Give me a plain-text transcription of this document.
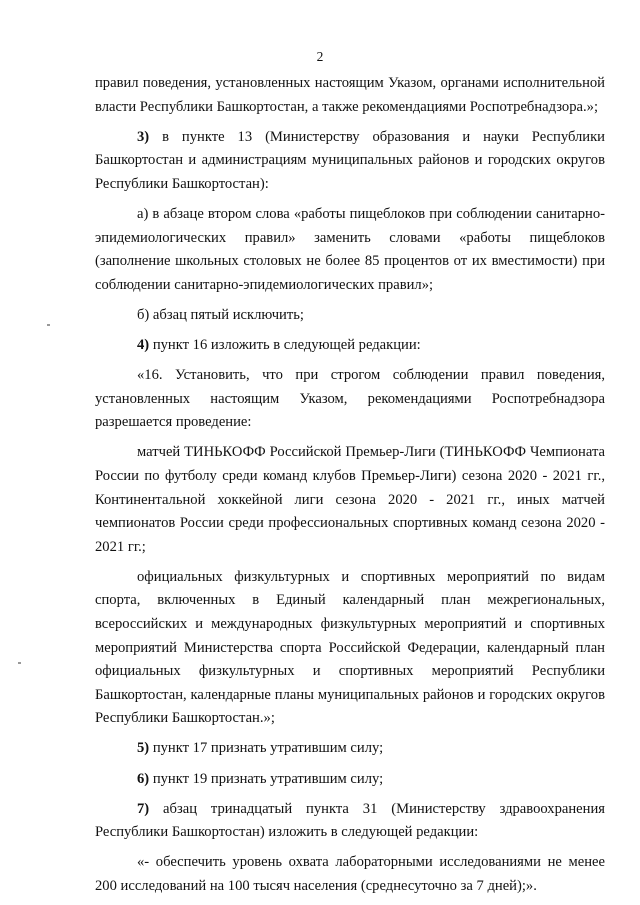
2

правил поведения, установленных настоящим Указом, органами исполнительной власти Республики Башкортостан, а также рекомендациями Роспотребнадзора.»;

3) в пункте 13 (Министерству образования и науки Республики Башкортостан и администрациям муниципальных районов и городских округов Республики Башкортостан):

а) в абзаце втором слова «работы пищеблоков при соблюдении санитарно-эпидемиологических правил» заменить словами «работы пищеблоков (заполнение школьных столовых не более 85 процентов от их вместимости) при соблюдении санитарно-эпидемиологических правил»;

б) абзац пятый исключить;

4) пункт 16 изложить в следующей редакции:

«16. Установить, что при строгом соблюдении правил поведения, установленных настоящим Указом, рекомендациями Роспотребнадзора разрешается проведение:

матчей ТИНЬКОФФ Российской Премьер-Лиги (ТИНЬКОФФ Чемпионата России по футболу среди команд клубов Премьер-Лиги) сезона 2020 - 2021 гг., Континентальной хоккейной лиги сезона 2020 - 2021 гг., иных матчей чемпионатов России среди профессиональных спортивных команд сезона 2020 - 2021 гг.;

официальных физкультурных и спортивных мероприятий по видам спорта, включенных в Единый календарный план межрегиональных, всероссийских и международных физкультурных мероприятий и спортивных мероприятий Министерства спорта Российской Федерации, календарный план официальных физкультурных и спортивных мероприятий Республики Башкортостан, календарные планы муниципальных районов и городских округов Республики Башкортостан.»;

5) пункт 17 признать утратившим силу;

6) пункт 19 признать утратившим силу;

7) абзац тринадцатый пункта 31 (Министерству здравоохранения Республики Башкортостан) изложить в следующей редакции:

«- обеспечить уровень охвата лабораторными исследованиями не менее 200 исследований на 100 тысяч населения (среднесуточно за 7 дней);».
